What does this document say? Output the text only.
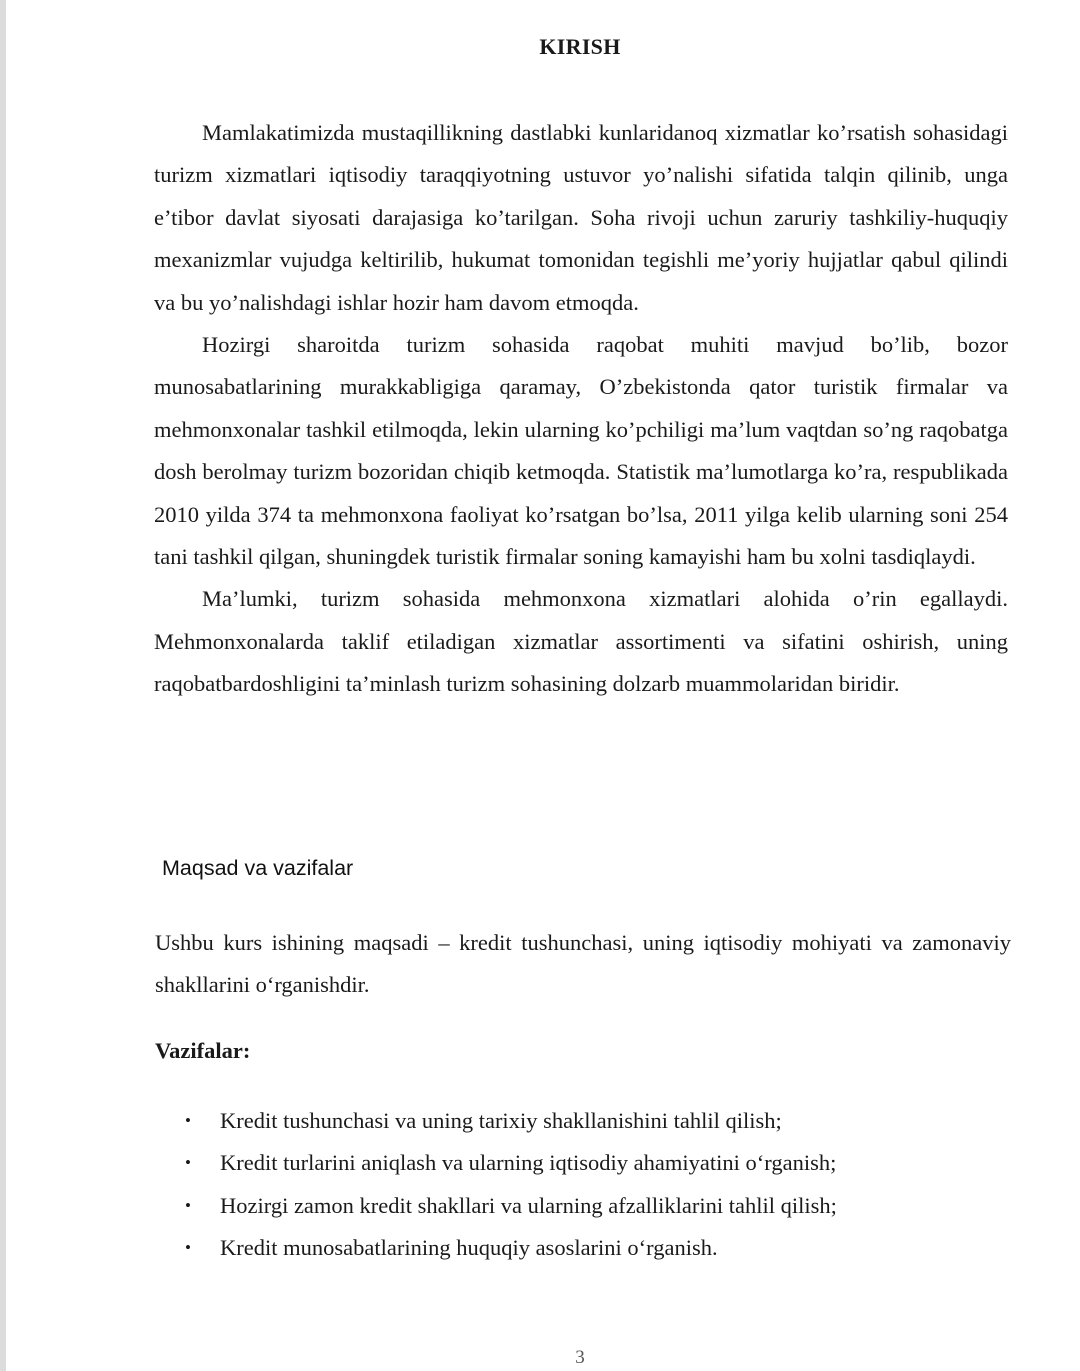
KIRISH

Mamlakatimizda mustaqillikning dastlabki kunlaridanoq xizmatlar ko’rsatish sohasidagi turizm xizmatlari iqtisodiy taraqqiyotning ustuvor yo’nalishi sifatida talqin qilinib, unga e’tibor davlat siyosati darajasiga ko’tarilgan. Soha rivoji uchun zaruriy tashkiliy-huquqiy mexanizmlar vujudga keltirilib, hukumat tomonidan tegishli me’yoriy hujjatlar qabul qilindi va bu yo’nalishdagi ishlar hozir ham davom etmoqda.

Hozirgi sharoitda turizm sohasida raqobat muhiti mavjud bo’lib, bozor munosabatlarining murakkabligiga qaramay, O’zbekistonda qator turistik firmalar va mehmonxonalar tashkil etilmoqda, lekin ularning ko’pchiligi ma’lum vaqtdan so’ng raqobatga dosh berolmay turizm bozoridan chiqib ketmoqda. Statistik ma’lumotlarga ko’ra, respublikada 2010 yilda 374 ta mehmonxona faoliyat ko’rsatgan bo’lsa, 2011 yilga kelib ularning soni 254 tani tashkil qilgan, shuningdek turistik firmalar soning kamayishi ham bu xolni tasdiqlaydi.

Ma’lumki, turizm sohasida mehmonxona xizmatlari alohida o’rin egallaydi. Mehmonxonalarda taklif etiladigan xizmatlar assortimenti va sifatini oshirish, uning raqobatbardoshligini ta’minlash turizm sohasining dolzarb muammolaridan biridir.

Maqsad va vazifalar

Ushbu kurs ishining maqsadi – kredit tushunchasi, uning iqtisodiy mohiyati va zamonaviy shakllarini o‘rganishdir.

Vazifalar:
• Kredit tushunchasi va uning tarixiy shakllanishini tahlil qilish;
• Kredit turlarini aniqlash va ularning iqtisodiy ahamiyatini o‘rganish;
• Hozirgi zamon kredit shakllari va ularning afzalliklarini tahlil qilish;
• Kredit munosabatlarining huquqiy asoslarini o‘rganish.
3
